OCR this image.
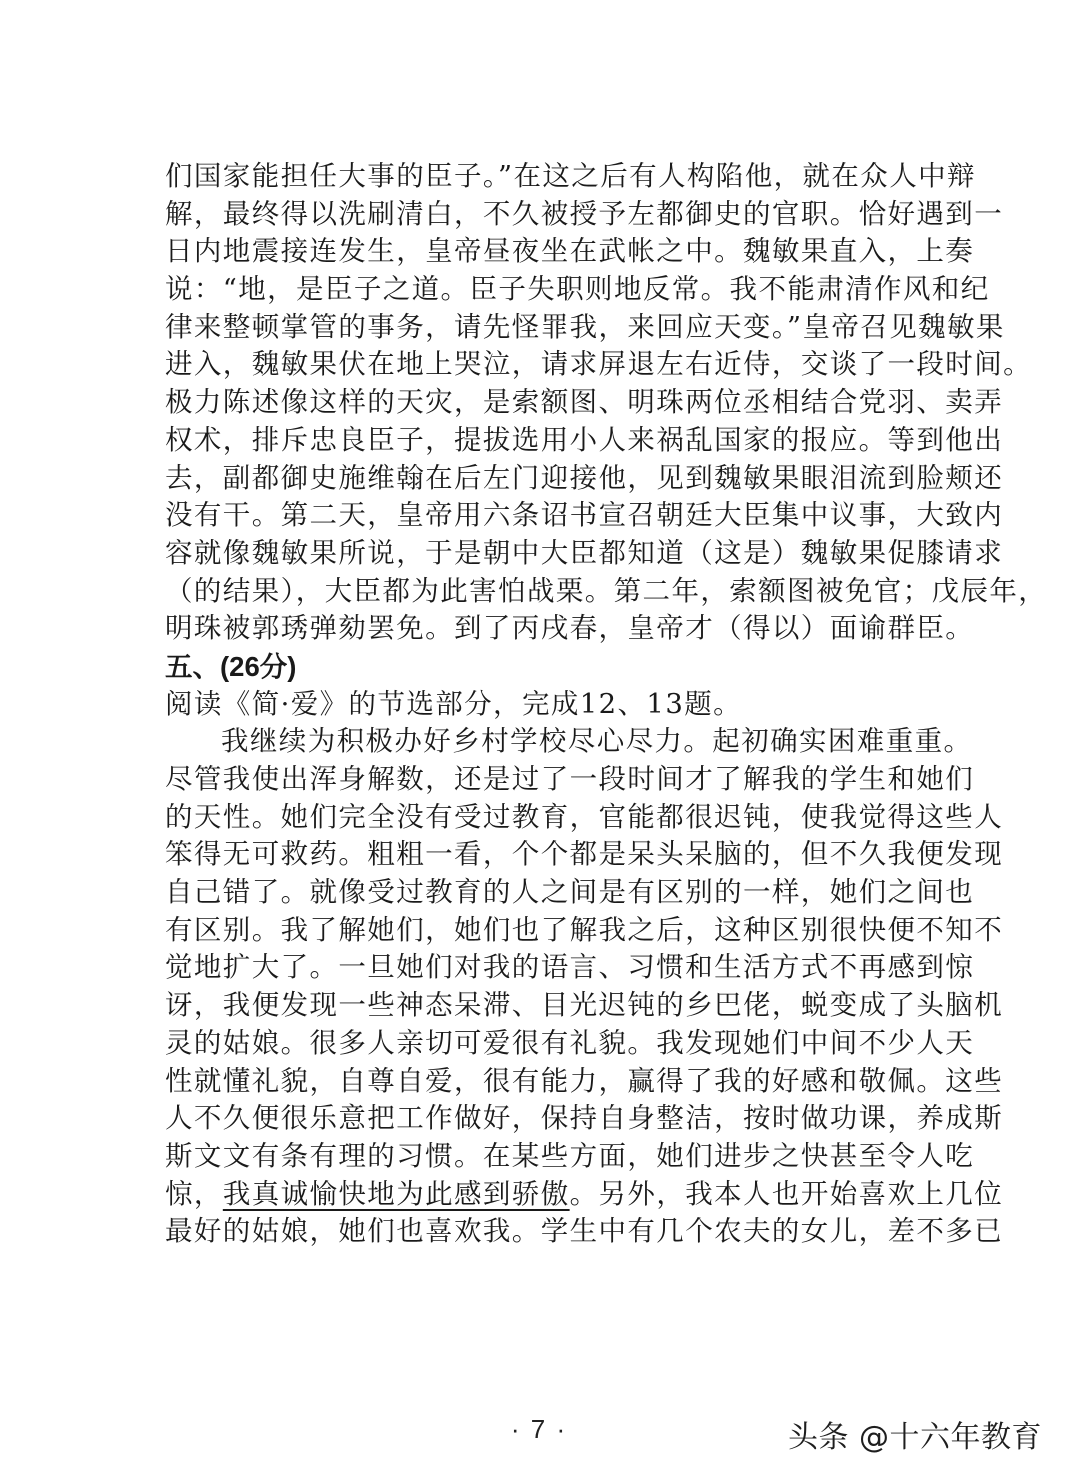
们国家能担任大事的臣子。”在这之后有人构陷他，就在众人中辩
解，最终得以洗刷清白，不久被授予左都御史的官职。恰好遇到一
日内地震接连发生，皇帝昼夜坐在武帐之中。魏敏果直入，上奏
说：“地，是臣子之道。臣子失职则地反常。我不能肃清作风和纪
律来整顿掌管的事务，请先怪罪我，来回应天变。”皇帝召见魏敏果
进入，魏敏果伏在地上哭泣，请求屏退左右近侍，交谈了一段时间。
极力陈述像这样的天灾，是索额图、明珠两位丞相结合党羽、卖弄
权术，排斥忠良臣子，提拔选用小人来祸乱国家的报应。等到他出
去，副都御史施维翰在后左门迎接他，见到魏敏果眼泪流到脸颊还
没有干。第二天，皇帝用六条诏书宣召朝廷大臣集中议事，大致内
容就像魏敏果所说，于是朝中大臣都知道（这是）魏敏果促膝请求
（的结果），大臣都为此害怕战栗。第二年，索额图被免官；戊辰年，
明珠被郭琇弹劾罢免。到了丙戌春，皇帝才（得以）面谕群臣。
五、(26分)
阅读《简·爱》的节选部分，完成12、13题。
我继续为积极办好乡村学校尽心尽力。起初确实困难重重。
尽管我使出浑身解数，还是过了一段时间才了解我的学生和她们
的天性。她们完全没有受过教育，官能都很迟钝，使我觉得这些人
笨得无可救药。粗粗一看，个个都是呆头呆脑的，但不久我便发现
自己错了。就像受过教育的人之间是有区别的一样，她们之间也
有区别。我了解她们，她们也了解我之后，这种区别很快便不知不
觉地扩大了。一旦她们对我的语言、习惯和生活方式不再感到惊
讶，我便发现一些神态呆滞、目光迟钝的乡巴佬，蜕变成了头脑机
灵的姑娘。很多人亲切可爱很有礼貌。我发现她们中间不少人天
性就懂礼貌，自尊自爱，很有能力，赢得了我的好感和敬佩。这些
人不久便很乐意把工作做好，保持自身整洁，按时做功课，养成斯
斯文文有条有理的习惯。在某些方面，她们进步之快甚至令人吃
惊，我真诚愉快地为此感到骄傲。另外，我本人也开始喜欢上几位
最好的姑娘，她们也喜欢我。学生中有几个农夫的女儿，差不多已
· 7 ·	头条 @十六年教育
